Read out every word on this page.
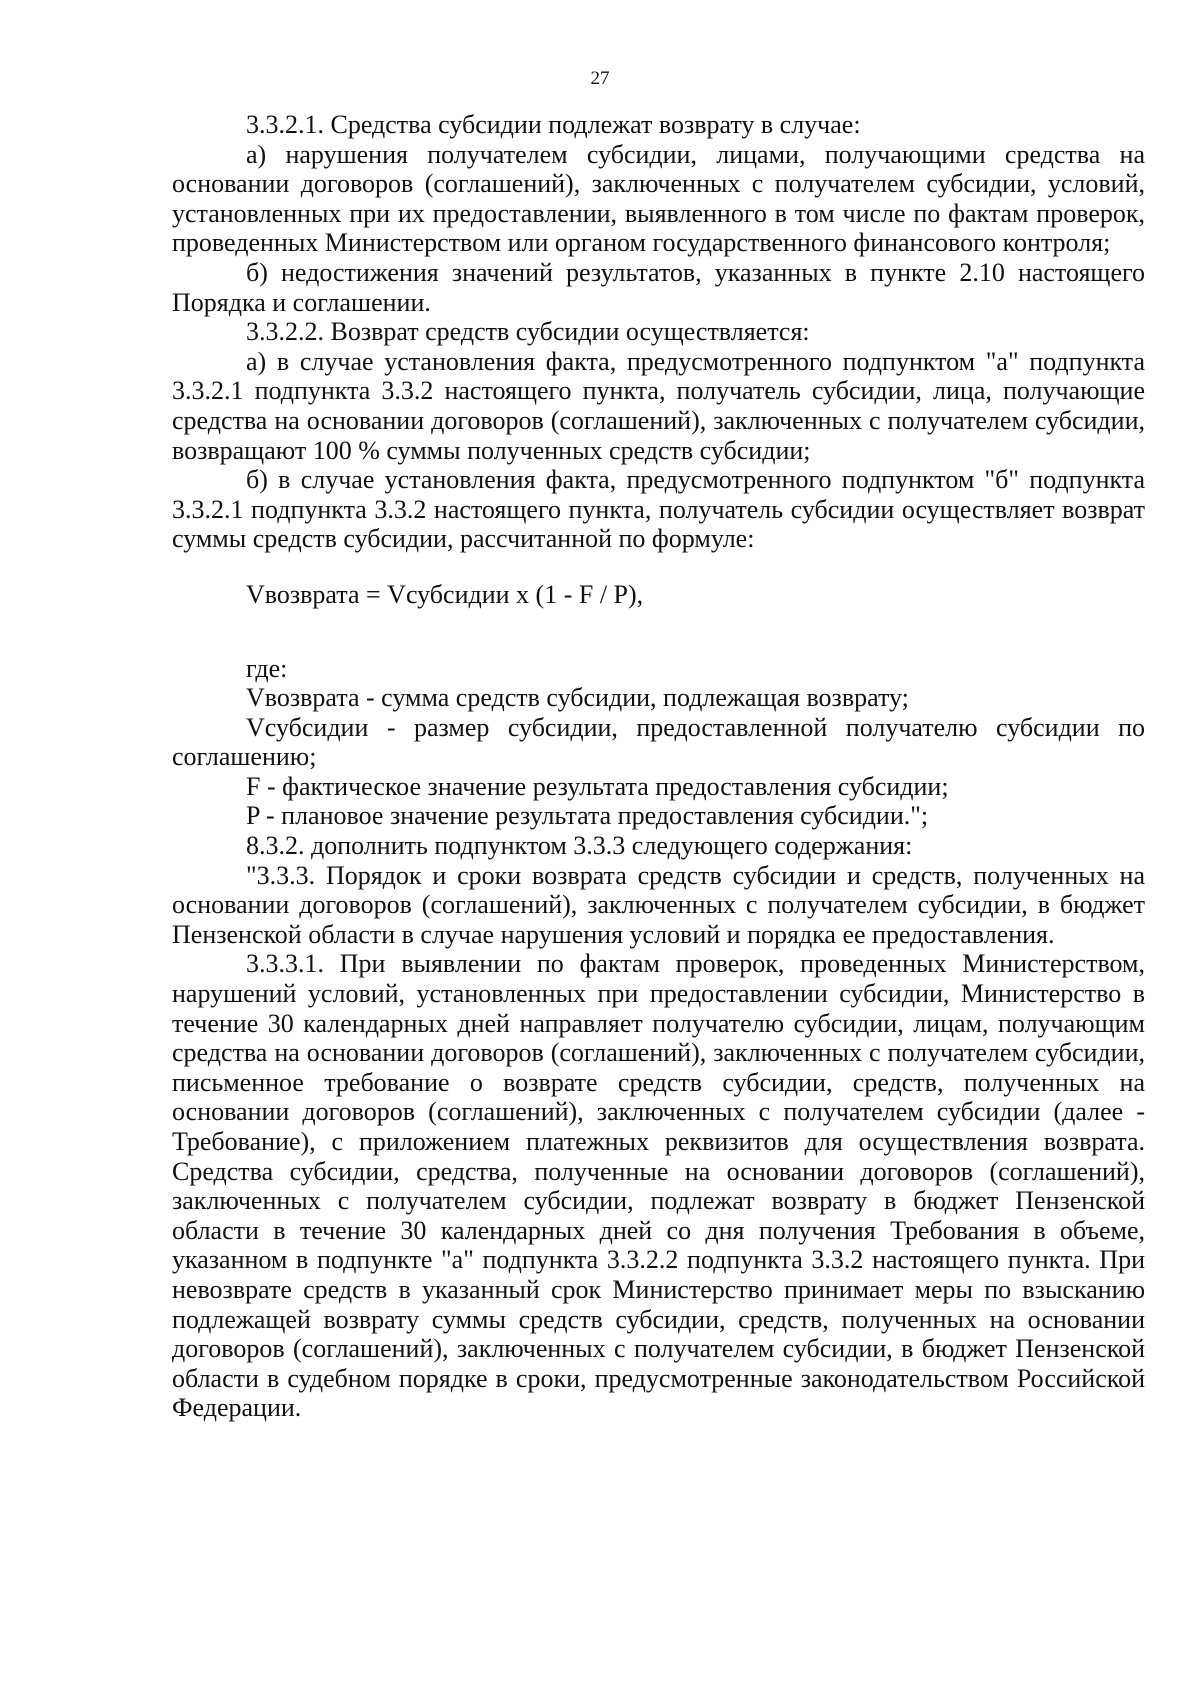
27

3.3.2.1. Средства субсидии подлежат возврату в случае:

а) нарушения получателем субсидии, лицами, получающими средства на основании договоров (соглашений), заключенных с получателем субсидии, условий, установленных при их предоставлении, выявленного в том числе по фактам проверок, проведенных Министерством или органом государственного финансового контроля;

б) недостижения значений результатов, указанных в пункте 2.10 настоящего Порядка и соглашении.

3.3.2.2. Возврат средств субсидии осуществляется:

а) в случае установления факта, предусмотренного подпунктом "а" подпункта 3.3.2.1 подпункта 3.3.2 настоящего пункта, получатель субсидии, лица, получающие средства на основании договоров (соглашений), заключенных с получателем субсидии, возвращают 100 % суммы полученных средств субсидии;

б) в случае установления факта, предусмотренного подпунктом "б" подпункта 3.3.2.1 подпункта 3.3.2 настоящего пункта, получатель субсидии осуществляет возврат суммы средств субсидии, рассчитанной по формуле:

Vвозврата = Vсубсидии x (1 - F / P),

где:

Vвозврата - сумма средств субсидии, подлежащая возврату;

Vсубсидии - размер субсидии, предоставленной получателю субсидии по соглашению;

F - фактическое значение результата предоставления субсидии;

P - плановое значение результата предоставления субсидии.";

8.3.2. дополнить подпунктом 3.3.3 следующего содержания:

"3.3.3. Порядок и сроки возврата средств субсидии и средств, полученных на основании договоров (соглашений), заключенных с получателем субсидии, в бюджет Пензенской области в случае нарушения условий и порядка ее предоставления.

3.3.3.1. При выявлении по фактам проверок, проведенных Министерством, нарушений условий, установленных при предоставлении субсидии, Министерство в течение 30 календарных дней направляет получателю субсидии, лицам, получающим средства на основании договоров (соглашений), заключенных с получателем субсидии, письменное требование о возврате средств субсидии, средств, полученных на основании договоров (соглашений), заключенных с получателем субсидии (далее - Требование), с приложением платежных реквизитов для осуществления возврата. Средства субсидии, средства, полученные на основании договоров (соглашений), заключенных с получателем субсидии, подлежат возврату в бюджет Пензенской области в течение 30 календарных дней со дня получения Требования в объеме, указанном в подпункте "а" подпункта 3.3.2.2 подпункта 3.3.2 настоящего пункта. При невозврате средств в указанный срок Министерство принимает меры по взысканию подлежащей возврату суммы средств субсидии, средств, полученных на основании договоров (соглашений), заключенных с получателем субсидии, в бюджет Пензенской области в судебном порядке в сроки, предусмотренные законодательством Российской Федерации.
